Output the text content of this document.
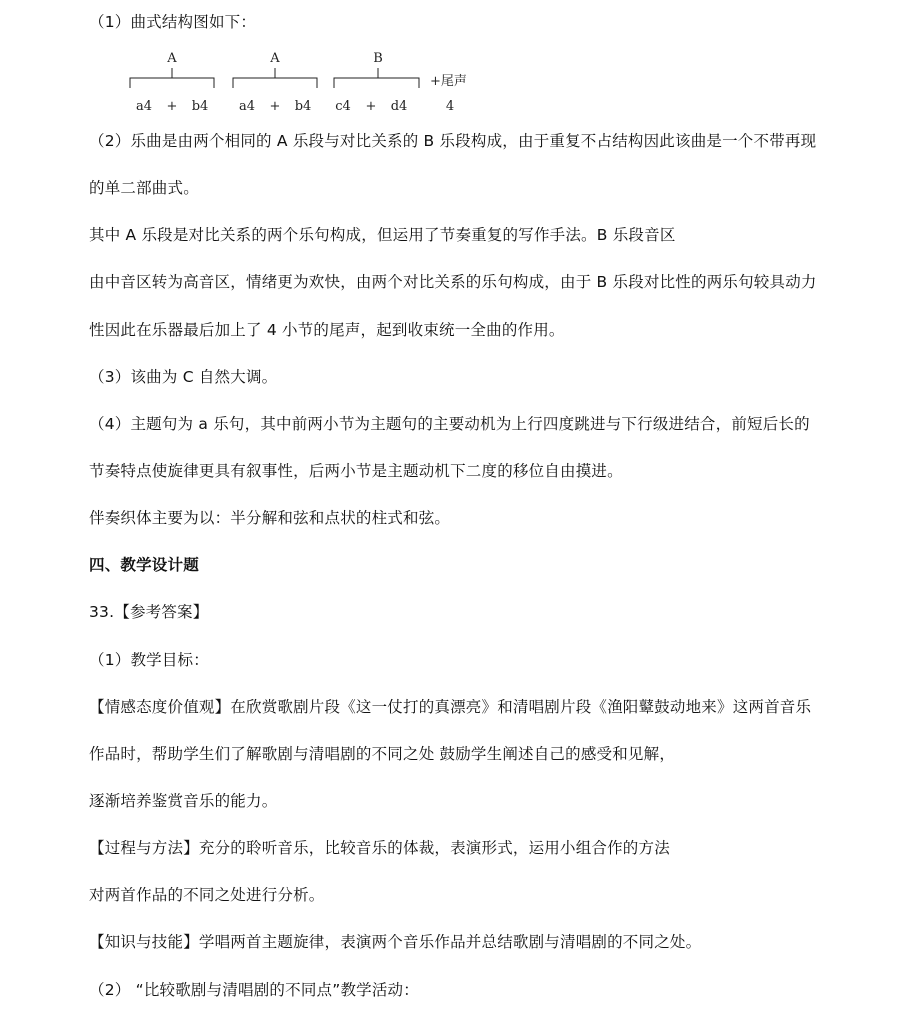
（1）曲式结构图如下：
A
a4 + b4
A
a4 + b4
B
c4 + d4
+尾声
4
（2）乐曲是由两个相同的 A 乐段与对比关系的 B 乐段构成，由于重复不占结构因此该曲是一个不带再现
的单二部曲式。
其中 A 乐段是对比关系的两个乐句构成，但运用了节奏重复的写作手法。B 乐段音区
由中音区转为高音区，情绪更为欢快，由两个对比关系的乐句构成，由于 B 乐段对比性的两乐句较具动力
性因此在乐器最后加上了 4 小节的尾声，起到收束统一全曲的作用。
（3）该曲为 C 自然大调。
（4）主题句为 a 乐句，其中前两小节为主题句的主要动机为上行四度跳进与下行级进结合，前短后长的
节奏特点使旋律更具有叙事性，后两小节是主题动机下二度的移位自由摸进。
伴奏织体主要为以：半分解和弦和点状的柱式和弦。
四、教学设计题
33.【参考答案】
（1）教学目标：
【情感态度价值观】在欣赏歌剧片段《这一仗打的真漂亮》和清唱剧片段《渔阳鼙鼓动地来》这两首音乐
作品时，帮助学生们了解歌剧与清唱剧的不同之处 鼓励学生阐述自己的感受和见解，
逐渐培养鉴赏音乐的能力。
【过程与方法】充分的聆听音乐，比较音乐的体裁，表演形式，运用小组合作的方法
对两首作品的不同之处进行分析。
【知识与技能】学唱两首主题旋律，表演两个音乐作品并总结歌剧与清唱剧的不同之处。
（2） “比较歌剧与清唱剧的不同点”教学活动：
